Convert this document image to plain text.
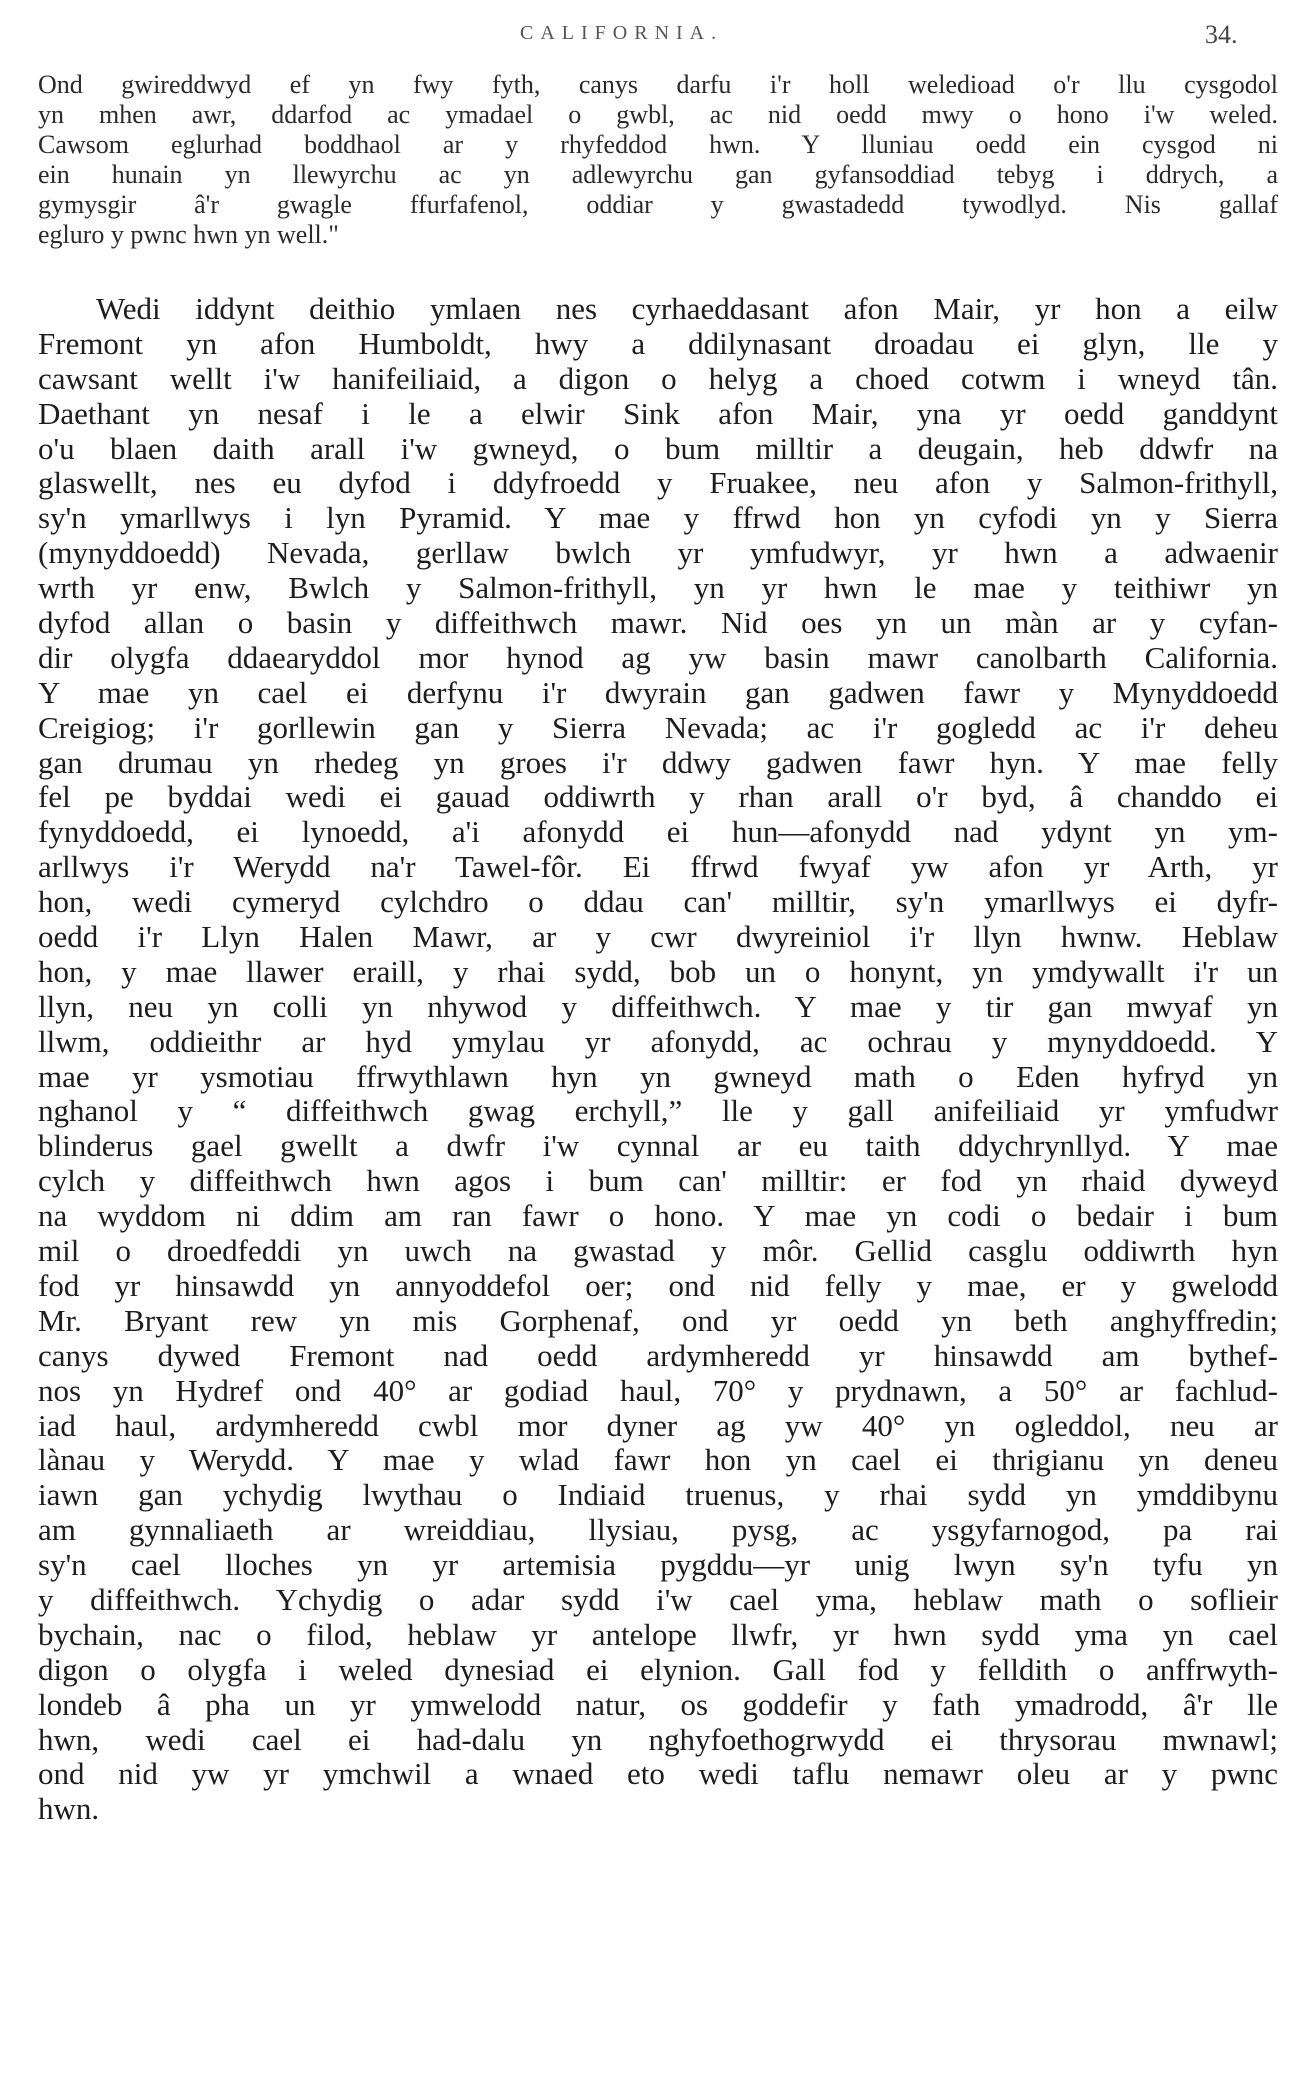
CALIFORNIA.	34.
Ond gwireddwyd ef yn fwy fyth, canys darfu i'r holl weledioad o'r llu cysgodol
yn mhen awr, ddarfod ac ymadael o gwbl, ac nid oedd mwy o hono i'w weled.
Cawsom eglurhad boddhaol ar y rhyfeddod hwn. Y lluniau oedd ein cysgod ni
ein hunain yn llewyrchu ac yn adlewyrchu gan gyfansoddiad tebyg i ddrych, a
gymysgir â'r gwagle ffurfafenol, oddiar y gwastadedd tywodlyd. Nis gallaf
egluro y pwnc hwn yn well."
Wedi iddynt deithio ymlaen nes cyrhaeddasant afon Mair, yr hon a eilw
Fremont yn afon Humboldt, hwy a ddilynasant droadau ei glyn, lle y
cawsant wellt i'w hanifeiliaid, a digon o helyg a choed cotwm i wneyd tân.
Daethant yn nesaf i le a elwir Sink afon Mair, yna yr oedd ganddynt
o'u blaen daith arall i'w gwneyd, o bum milltir a deugain, heb ddwfr na
glaswellt, nes eu dyfod i ddyfroedd y Fruakee, neu afon y Salmon-frithyll,
sy'n ymarllwys i lyn Pyramid. Y mae y ffrwd hon yn cyfodi yn y Sierra
(mynyddoedd) Nevada, gerllaw bwlch yr ymfudwyr, yr hwn a adwaenir
wrth yr enw, Bwlch y Salmon-frithyll, yn yr hwn le mae y teithiwr yn
dyfod allan o basin y diffeithwch mawr. Nid oes yn un màn ar y cyfan-
dir olygfa ddaearyddol mor hynod ag yw basin mawr canolbarth California.
Y mae yn cael ei derfynu i'r dwyrain gan gadwen fawr y Mynyddoedd
Creigiog; i'r gorllewin gan y Sierra Nevada; ac i'r gogledd ac i'r deheu
gan drumau yn rhedeg yn groes i'r ddwy gadwen fawr hyn. Y mae felly
fel pe byddai wedi ei gauad oddiwrth y rhan arall o'r byd, â chanddo ei
fynyddoedd, ei lynoedd, a'i afonydd ei hun—afonydd nad ydynt yn ym-
arllwys i'r Werydd na'r Tawel-fôr. Ei ffrwd fwyaf yw afon yr Arth, yr
hon, wedi cymeryd cylchdro o ddau can' milltir, sy'n ymarllwys ei dyfr-
oedd i'r Llyn Halen Mawr, ar y cwr dwyreiniol i'r llyn hwnw. Heblaw
hon, y mae llawer eraill, y rhai sydd, bob un o honynt, yn ymdywallt i'r un
llyn, neu yn colli yn nhywod y diffeithwch. Y mae y tir gan mwyaf yn
llwm, oddieithr ar hyd ymylau yr afonydd, ac ochrau y mynyddoedd. Y
mae yr ysmotiau ffrwythlawn hyn yn gwneyd math o Eden hyfryd yn
nghanol y “ diffeithwch gwag erchyll,” lle y gall anifeiliaid yr ymfudwr
blinderus gael gwellt a dwfr i'w cynnal ar eu taith ddychrynllyd. Y mae
cylch y diffeithwch hwn agos i bum can' milltir: er fod yn rhaid dyweyd
na wyddom ni ddim am ran fawr o hono. Y mae yn codi o bedair i bum
mil o droedfeddi yn uwch na gwastad y môr. Gellid casglu oddiwrth hyn
fod yr hinsawdd yn annyoddefol oer; ond nid felly y mae, er y gwelodd
Mr. Bryant rew yn mis Gorphenaf, ond yr oedd yn beth anghyffredin;
canys dywed Fremont nad oedd ardymheredd yr hinsawdd am bythef-
nos yn Hydref ond 40° ar godiad haul, 70° y prydnawn, a 50° ar fachlud-
iad haul, ardymheredd cwbl mor dyner ag yw 40° yn ogleddol, neu ar
lànau y Werydd. Y mae y wlad fawr hon yn cael ei thrigianu yn deneu
iawn gan ychydig lwythau o Indiaid truenus, y rhai sydd yn ymddibynu
am gynnaliaeth ar wreiddiau, llysiau, pysg, ac ysgyfarnogod, pa rai
sy'n cael lloches yn yr artemisia pygddu—yr unig lwyn sy'n tyfu yn
y diffeithwch. Ychydig o adar sydd i'w cael yma, heblaw math o soflieir
bychain, nac o filod, heblaw yr antelope llwfr, yr hwn sydd yma yn cael
digon o olygfa i weled dynesiad ei elynion. Gall fod y felldith o anffrwyth-
londeb â pha un yr ymwelodd natur, os goddefir y fath ymadrodd, â'r lle
hwn, wedi cael ei had-dalu yn nghyfoethogrwydd ei thrysorau mwnawl;
ond nid yw yr ymchwil a wnaed eto wedi taflu nemawr oleu ar y pwnc
hwn.
